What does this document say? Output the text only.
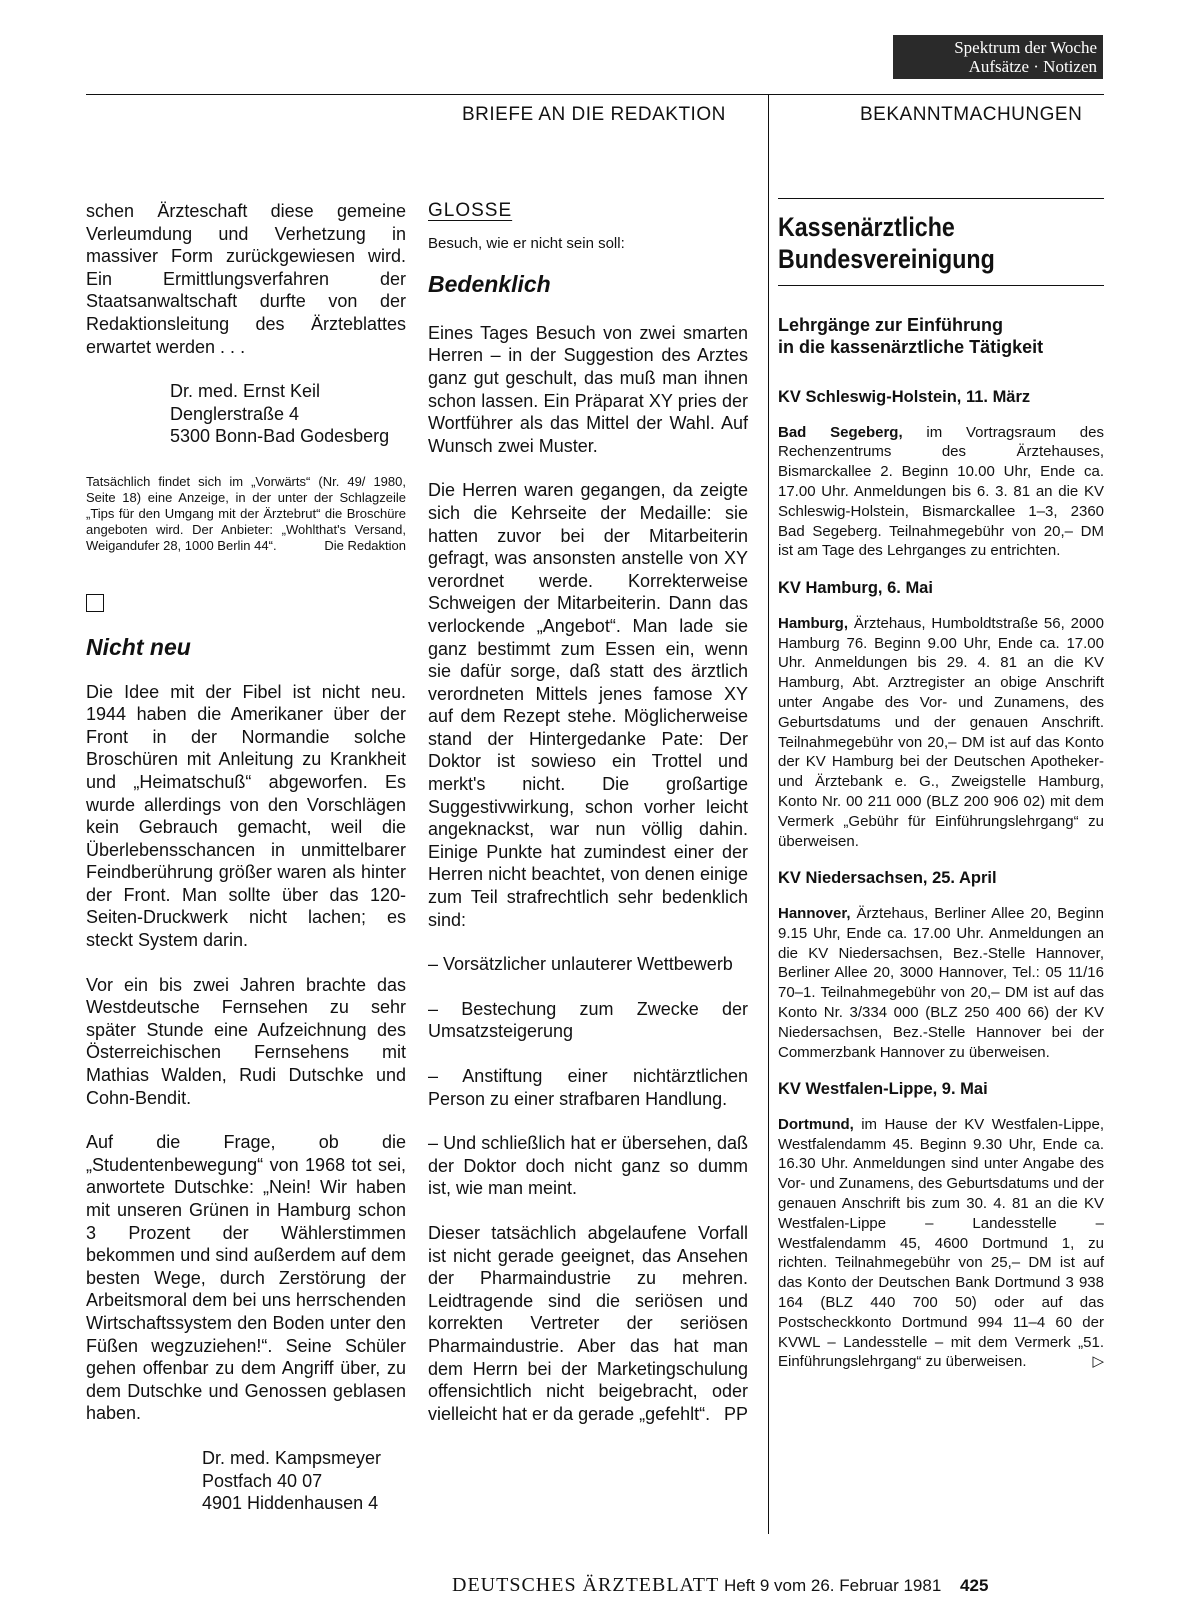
Spektrum der Woche
Aufsätze · Notizen
BRIEFE AN DIE REDAKTION	BEKANNTMACHUNGEN

schen Ärzteschaft diese gemeine Verleumdung und Verhetzung in massiver Form zurückgewiesen wird. Ein Ermittlungsverfahren der Staatsanwaltschaft durfte von der Redaktionsleitung des Ärzteblattes erwartet werden . . .

Dr. med. Ernst Keil
Denglerstraße 4
5300 Bonn-Bad Godesberg
Tatsächlich findet sich im „Vorwärts“ (Nr. 49/ 1980, Seite 18) eine Anzeige, in der unter der Schlagzeile „Tips für den Umgang mit der Ärztebrut“ die Broschüre angeboten wird. Der Anbieter: „Wohlthat's Versand, Weigandufer 28, 1000 Berlin 44“.	Die Redaktion
Nicht neu

Die Idee mit der Fibel ist nicht neu. 1944 haben die Amerikaner über der Front in der Normandie solche Broschüren mit Anleitung zu Krankheit und „Heimatschuß“ abgeworfen. Es wurde allerdings von den Vorschlägen kein Gebrauch gemacht, weil die Überlebensschancen in unmittelbarer Feindberührung größer waren als hinter der Front. Man sollte über das 120-Seiten-Druckwerk nicht lachen; es steckt System darin.

Vor ein bis zwei Jahren brachte das Westdeutsche Fernsehen zu sehr später Stunde eine Aufzeichnung des Österreichischen Fernsehens mit Mathias Walden, Rudi Dutschke und Cohn-Bendit.

Auf die Frage, ob die „Studentenbewegung“ von 1968 tot sei, anwortete Dutschke: „Nein! Wir haben mit unseren Grünen in Hamburg schon 3 Prozent der Wählerstimmen bekommen und sind außerdem auf dem besten Wege, durch Zerstörung der Arbeitsmoral dem bei uns herrschenden Wirtschaftssystem den Boden unter den Füßen wegzuziehen!“. Seine Schüler gehen offenbar zu dem Angriff über, zu dem Dutschke und Genossen geblasen haben.

Dr. med. Kampsmeyer
Postfach 40 07
4901 Hiddenhausen 4
GLOSSE
Besuch, wie er nicht sein soll:
Bedenklich

Eines Tages Besuch von zwei smarten Herren – in der Suggestion des Arztes ganz gut geschult, das muß man ihnen schon lassen. Ein Präparat XY pries der Wortführer als das Mittel der Wahl. Auf Wunsch zwei Muster.

Die Herren waren gegangen, da zeigte sich die Kehrseite der Medaille: sie hatten zuvor bei der Mitarbeiterin gefragt, was ansonsten anstelle von XY verordnet werde. Korrekterweise Schweigen der Mitarbeiterin. Dann das verlockende „Angebot“. Man lade sie ganz bestimmt zum Essen ein, wenn sie dafür sorge, daß statt des ärztlich verordneten Mittels jenes famose XY auf dem Rezept stehe. Möglicherweise stand der Hintergedanke Pate: Der Doktor ist sowieso ein Trottel und merkt's nicht. Die großartige Suggestivwirkung, schon vorher leicht angeknackst, war nun völlig dahin. Einige Punkte hat zumindest einer der Herren nicht beachtet, von denen einige zum Teil strafrechtlich sehr bedenklich sind:

– Vorsätzlicher unlauterer Wettbewerb

– Bestechung zum Zwecke der Umsatzsteigerung

– Anstiftung einer nichtärztlichen Person zu einer strafbaren Handlung.

– Und schließlich hat er übersehen, daß der Doktor doch nicht ganz so dumm ist, wie man meint.

Dieser tatsächlich abgelaufene Vorfall ist nicht gerade geeignet, das Ansehen der Pharmaindustrie zu mehren. Leidtragende sind die seriösen und korrekten Vertreter der seriösen Pharmaindustrie. Aber das hat man dem Herrn bei der Marketingschulung offensichtlich nicht beigebracht, oder vielleicht hat er da gerade „gefehlt“. PP

Kassenärztliche
Bundesvereinigung
Lehrgänge zur Einführung
in die kassenärztliche Tätigkeit
KV Schleswig-Holstein, 11. März
Bad Segeberg, im Vortragsraum des Rechenzentrums des Ärztehauses, Bismarckallee 2. Beginn 10.00 Uhr, Ende ca. 17.00 Uhr. Anmeldungen bis 6. 3. 81 an die KV Schleswig-Holstein, Bismarckallee 1–3, 2360 Bad Segeberg. Teilnahmegebühr von 20,– DM ist am Tage des Lehrganges zu entrichten.
KV Hamburg, 6. Mai
Hamburg, Ärztehaus, Humboldtstraße 56, 2000 Hamburg 76. Beginn 9.00 Uhr, Ende ca. 17.00 Uhr. Anmeldungen bis 29. 4. 81 an die KV Hamburg, Abt. Arztregister an obige Anschrift unter Angabe des Vor- und Zunamens, des Geburtsdatums und der genauen Anschrift. Teilnahmegebühr von 20,– DM ist auf das Konto der KV Hamburg bei der Deutschen Apotheker- und Ärztebank e. G., Zweigstelle Hamburg, Konto Nr. 00 211 000 (BLZ 200 906 02) mit dem Vermerk „Gebühr für Einführungslehrgang“ zu überweisen.
KV Niedersachsen, 25. April
Hannover, Ärztehaus, Berliner Allee 20, Beginn 9.15 Uhr, Ende ca. 17.00 Uhr. Anmeldungen an die KV Niedersachsen, Bez.-Stelle Hannover, Berliner Allee 20, 3000 Hannover, Tel.: 05 11/16 70–1. Teilnahmegebühr von 20,– DM ist auf das Konto Nr. 3/334 000 (BLZ 250 400 66) der KV Niedersachsen, Bez.-Stelle Hannover bei der Commerzbank Hannover zu überweisen.
KV Westfalen-Lippe, 9. Mai
Dortmund, im Hause der KV Westfalen-Lippe, Westfalendamm 45. Beginn 9.30 Uhr, Ende ca. 16.30 Uhr. Anmeldungen sind unter Angabe des Vor- und Zunamens, des Geburtsdatums und der genauen Anschrift bis zum 30. 4. 81 an die KV Westfalen-Lippe – Landesstelle – Westfalendamm 45, 4600 Dortmund 1, zu richten. Teilnahmegebühr von 25,– DM ist auf das Konto der Deutschen Bank Dortmund 3 938 164 (BLZ 440 700 50) oder auf das Postscheckkonto Dortmund 994 11–4 60 der KVWL – Landesstelle – mit dem Vermerk „51. Einführungslehrgang“ zu überweisen.	▷
DEUTSCHES ÄRZTEBLATT Heft 9 vom 26. Februar 1981 425
